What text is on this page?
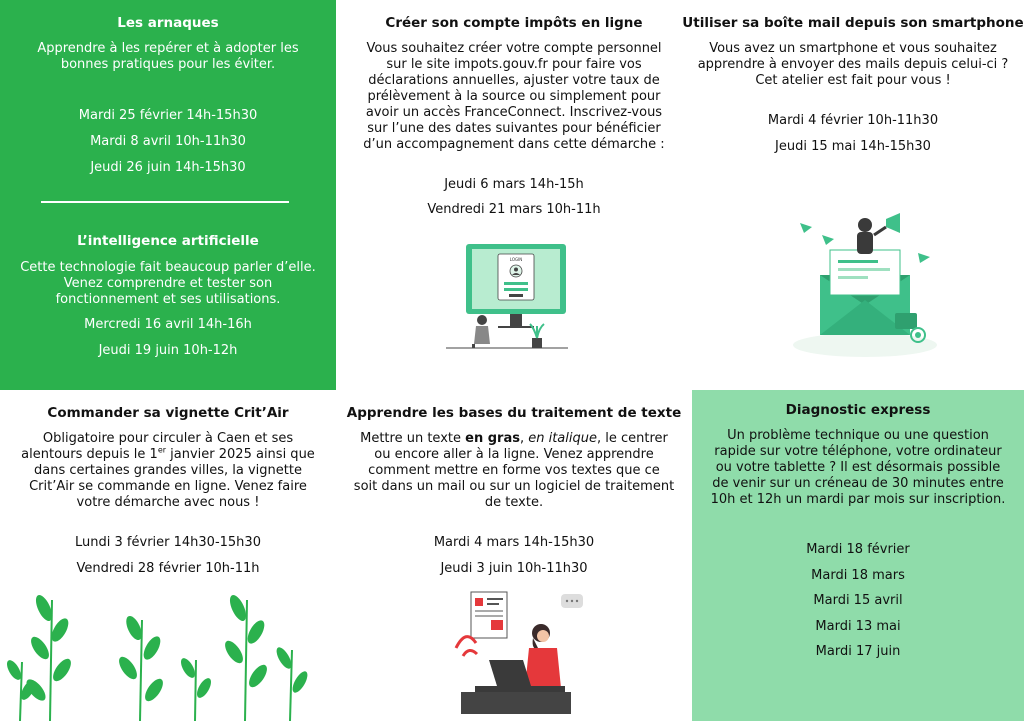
Les arnaques

Apprendre à les repérer et à adopter les

bonnes pratiques pour les éviter.

Mardi 25 février 14h-15h30

Mardi 8 avril 10h-11h30

Jeudi 26 juin 14h-15h30

L’intelligence artificielle

Cette technologie fait beaucoup parler d’elle.

Venez comprendre et tester son

fonctionnement et ses utilisations.

Mercredi 16 avril 14h-16h

Jeudi 19 juin 10h-12h

Créer son compte impôts en ligne

Vous souhaitez créer votre compte personnel

sur le site impots.gouv.fr pour faire vos

déclarations annuelles, ajuster votre taux de

prélèvement à la source ou simplement pour

avoir un accès FranceConnect. Inscrivez-vous

sur l’une des dates suivantes pour bénéficier

d’un accompagnement dans cette démarche :

Jeudi 6 mars 14h-15h

Vendredi 21 mars 10h-11h

LOGIN

Utiliser sa boîte mail depuis son smartphone

Vous avez un smartphone et vous souhaitez

apprendre à envoyer des mails depuis celui-ci ?

Cet atelier est fait pour vous !

Mardi 4 février 10h-11h30

Jeudi 15 mai 14h-15h30

Commander sa vignette Crit’Air

Obligatoire pour circuler à Caen et ses

alentours depuis le 1er janvier 2025 ainsi que

dans certaines grandes villes, la vignette

Crit’Air se commande en ligne. Venez faire

votre démarche avec nous !

Lundi 3 février 14h30-15h30

Vendredi 28 février 10h-11h

Apprendre les bases du traitement de texte

Mettre un texte en gras, en italique, le centrer

ou encore aller à la ligne. Venez apprendre

comment mettre en forme vos textes que ce

soit dans un mail ou sur un logiciel de traitement

de texte.

Mardi 4 mars 14h-15h30

Jeudi 3 juin 10h-11h30

Diagnostic express

Un problème technique ou une question

rapide sur votre téléphone, votre ordinateur

ou votre tablette ? Il est désormais possible

de venir sur un créneau de 30 minutes entre

10h et 12h un mardi par mois sur inscription.

Mardi 18 février

Mardi 18 mars

Mardi 15 avril

Mardi 13 mai

Mardi 17 juin
